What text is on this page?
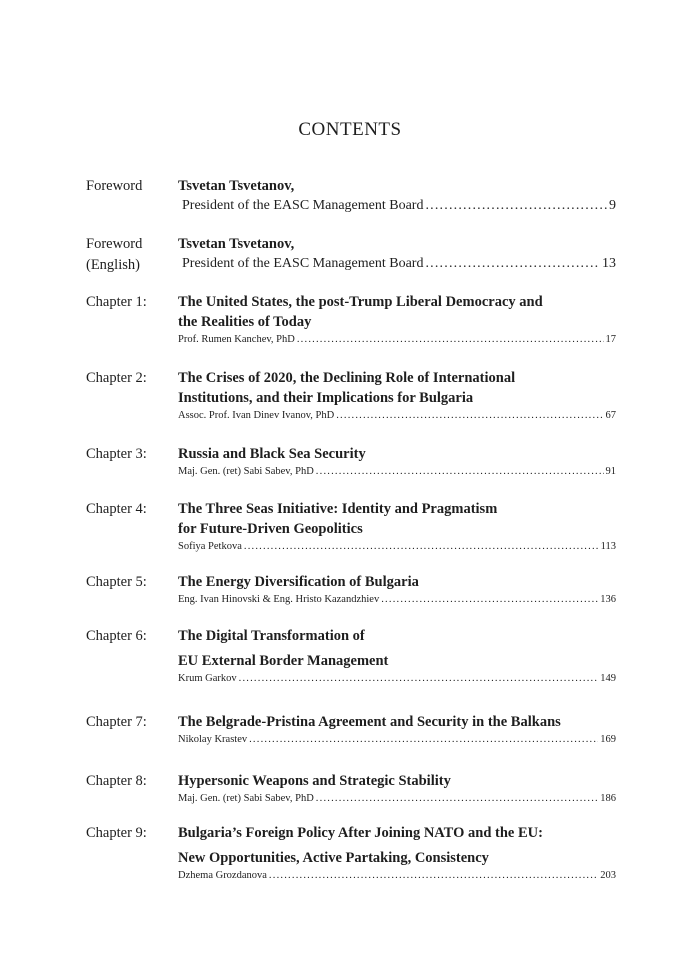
CONTENTS
Foreword	Tsvetan Tsvetanov,
President of the EASC Management Board .....	9
Foreword
(English)
Tsvetan Tsvetanov,
President of the EASC Management Board .....	13
Chapter 1:	The United States, the post-Trump Liberal Democracy and
the Realities of Today
Prof. Rumen Kanchev, PhD .....	17
Chapter 2:	The Crises of 2020, the Declining Role of International
Institutions, and their Implications for Bulgaria
Assoc. Prof. Ivan Dinev Ivanov, PhD .....	67
Chapter 3:	Russia and Black Sea Security
Maj. Gen. (ret) Sabi Sabev, PhD .....	91
Chapter 4:	The Three Seas Initiative: Identity and Pragmatism
for Future-Driven Geopolitics
Sofiya Petkova .....	113
Chapter 5:	The Energy Diversification of Bulgaria
Eng. Ivan Hinovski & Eng. Hristo Kazandzhiev .....	136
Chapter 6:	The Digital Transformation of
EU External Border Management
Krum Garkov .....	149
Chapter 7:	The Belgrade-Pristina Agreement and Security in the Balkans
Nikolay Krastev .....	169
Chapter 8:	Hypersonic Weapons and Strategic Stability
Maj. Gen. (ret) Sabi Sabev, PhD .....	186
Chapter 9:	Bulgaria’s Foreign Policy After Joining NATO and the EU:
New Opportunities, Active Partaking, Consistency
Dzhema Grozdanova .....	203
